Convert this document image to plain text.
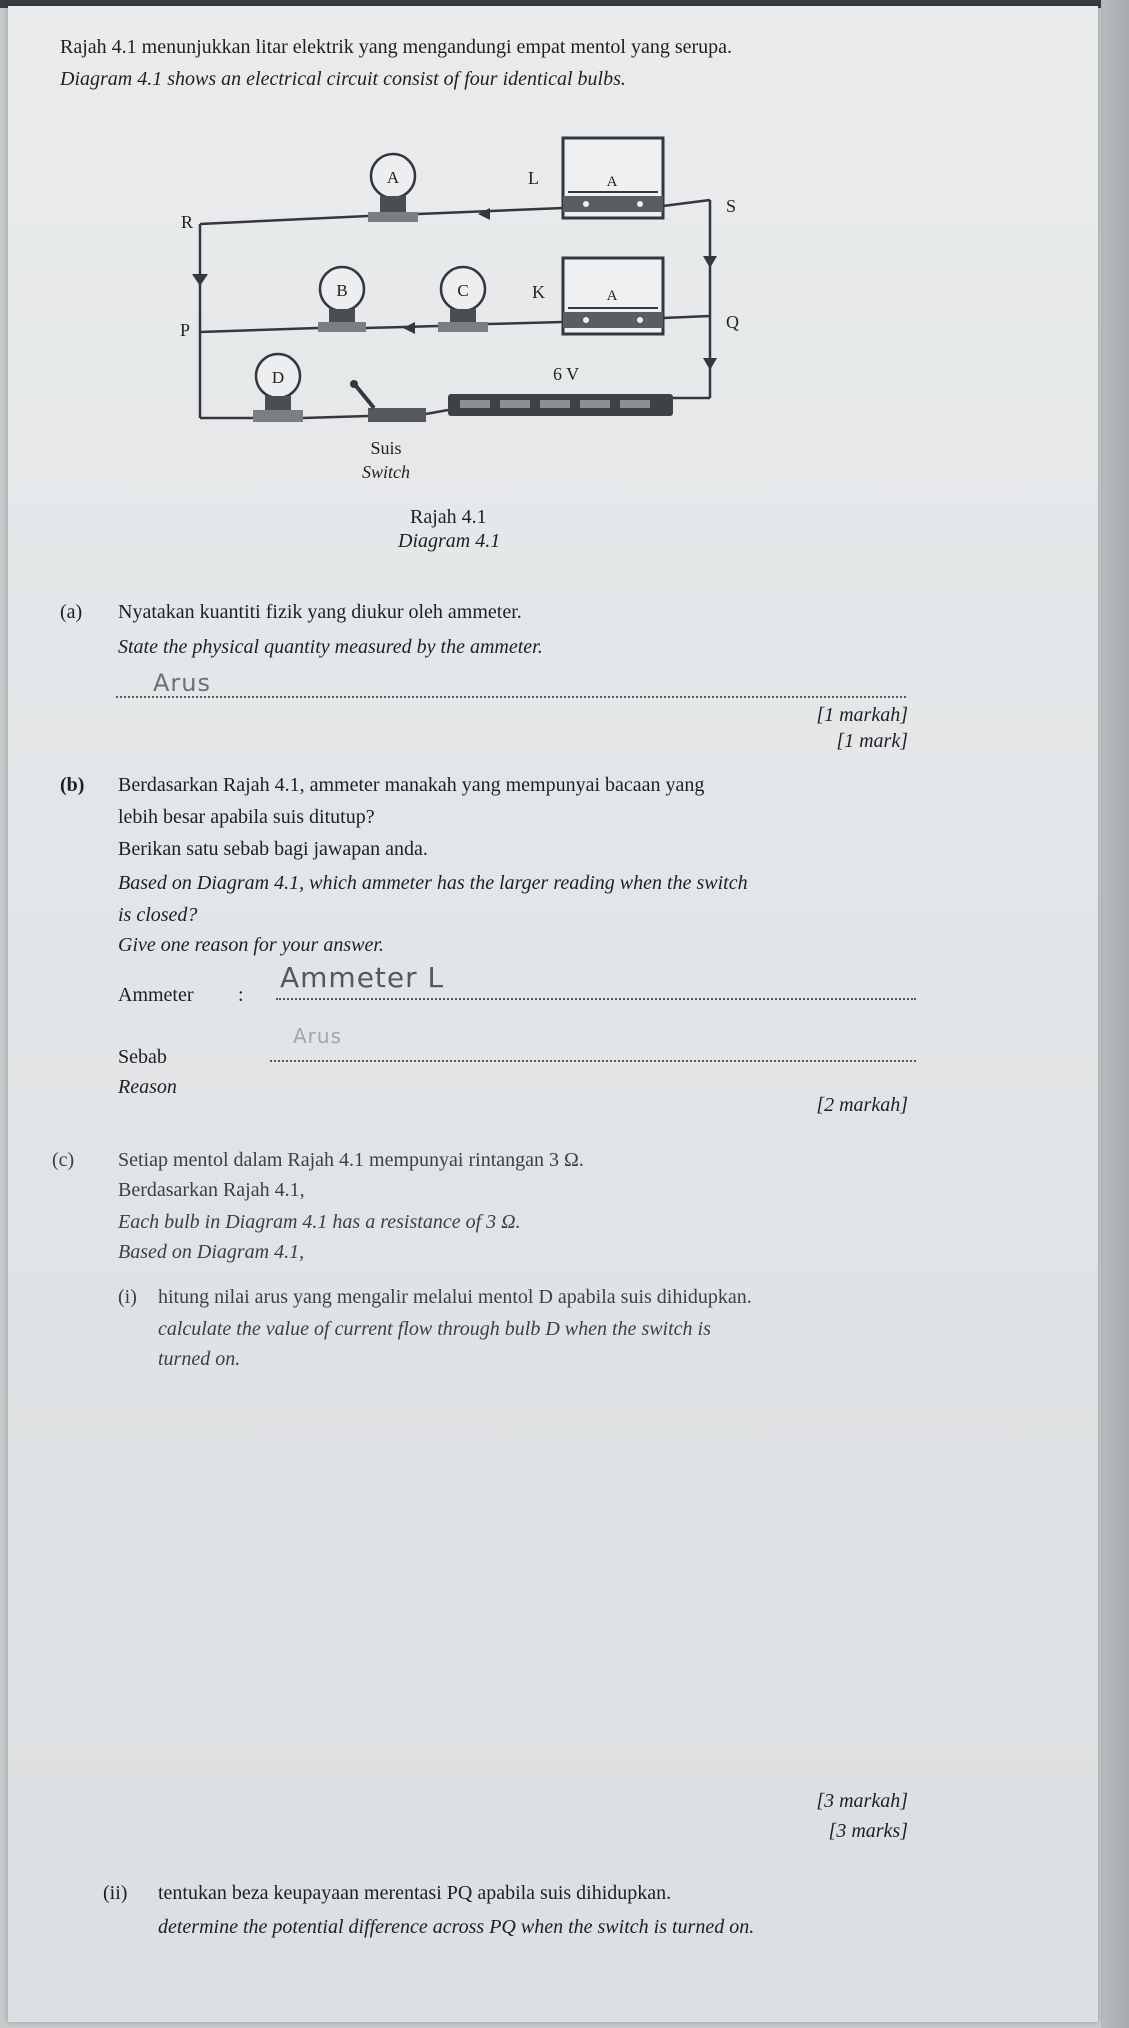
Rajah 4.1 menunjukkan litar elektrik yang mengandungi empat mentol yang serupa.
Diagram 4.1 shows an electrical circuit consist of four identical bulbs.
A
B	C
D
A
A
L
K
R
S
P	Q
6 V
Suis
Switch
Rajah 4.1
Diagram 4.1
(a) Nyatakan kuantiti fizik yang diukur oleh ammeter.
State the physical quantity measured by the ammeter.
Arus
[1 markah]
[1 mark]
(b) Berdasarkan Rajah 4.1, ammeter manakah yang mempunyai bacaan yang
lebih besar apabila suis ditutup?
Berikan satu sebab bagi jawapan anda.
Based on Diagram 4.1, which ammeter has the larger reading when the switch
is closed?
Give one reason for your answer.
Ammeter :
Ammeter L
Sebab
Arus
Reason
[2 markah]
(c) Setiap mentol dalam Rajah 4.1 mempunyai rintangan 3 Ω.
Berdasarkan Rajah 4.1,
Each bulb in Diagram 4.1 has a resistance of 3 Ω.
Based on Diagram 4.1,
(i) hitung nilai arus yang mengalir melalui mentol D apabila suis dihidupkan.
calculate the value of current flow through bulb D when the switch is
turned on.
[3 markah]
[3 marks]
(ii) tentukan beza keupayaan merentasi PQ apabila suis dihidupkan.
determine the potential difference across PQ when the switch is turned on.
